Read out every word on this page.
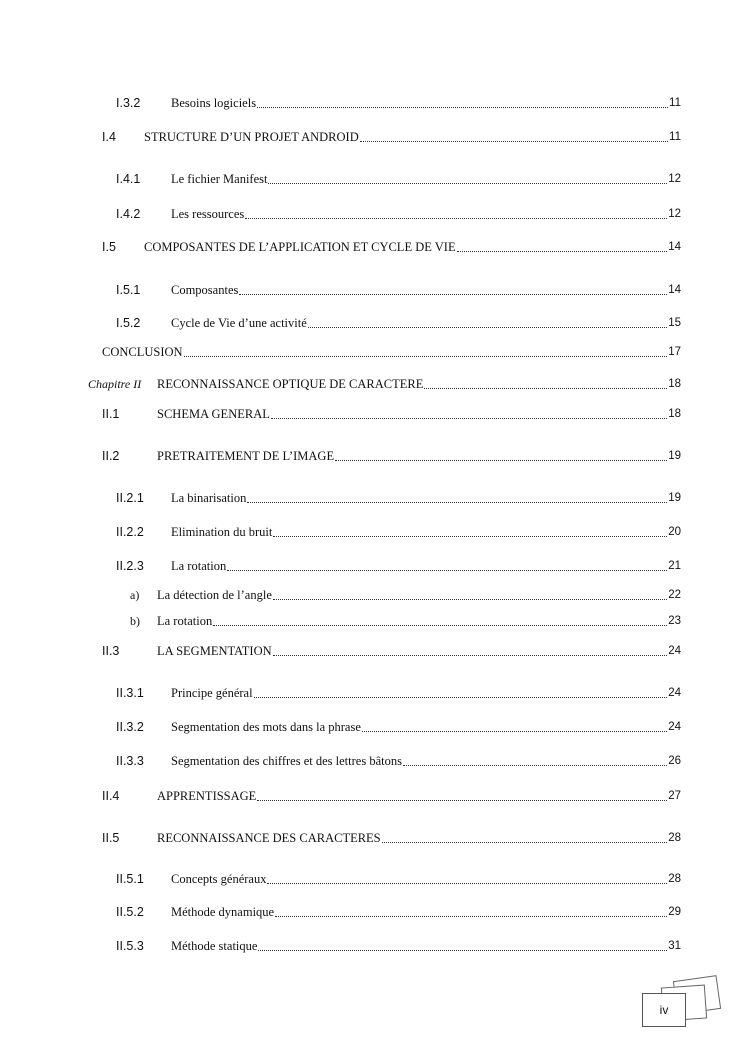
I.3.2	Besoins logiciels	11
I.4	STRUCTURE D’UN PROJET ANDROID	11
I.4.1	Le fichier Manifest	12
I.4.2	Les ressources	12
I.5	COMPOSANTES DE L’APPLICATION ET CYCLE DE VIE	14
I.5.1	Composantes	14
I.5.2	Cycle de Vie d’une activité	15
CONCLUSION	17
Chapitre II	RECONNAISSANCE OPTIQUE DE CARACTERE	18
II.1	SCHEMA GENERAL	18
II.2	PRETRAITEMENT DE L’IMAGE	19
II.2.1	La binarisation	19
II.2.2	Elimination du bruit	20
II.2.3	La rotation	21
a)	La détection de l’angle	22
b)	La rotation	23
II.3	LA SEGMENTATION	24
II.3.1	Principe général	24
II.3.2	Segmentation des mots dans la phrase	24
II.3.3	Segmentation des chiffres et des lettres bâtons	26
II.4	APPRENTISSAGE	27
II.5	RECONNAISSANCE DES CARACTERES	28
II.5.1	Concepts généraux	28
II.5.2	Méthode dynamique	29
II.5.3	Méthode statique	31
iv
